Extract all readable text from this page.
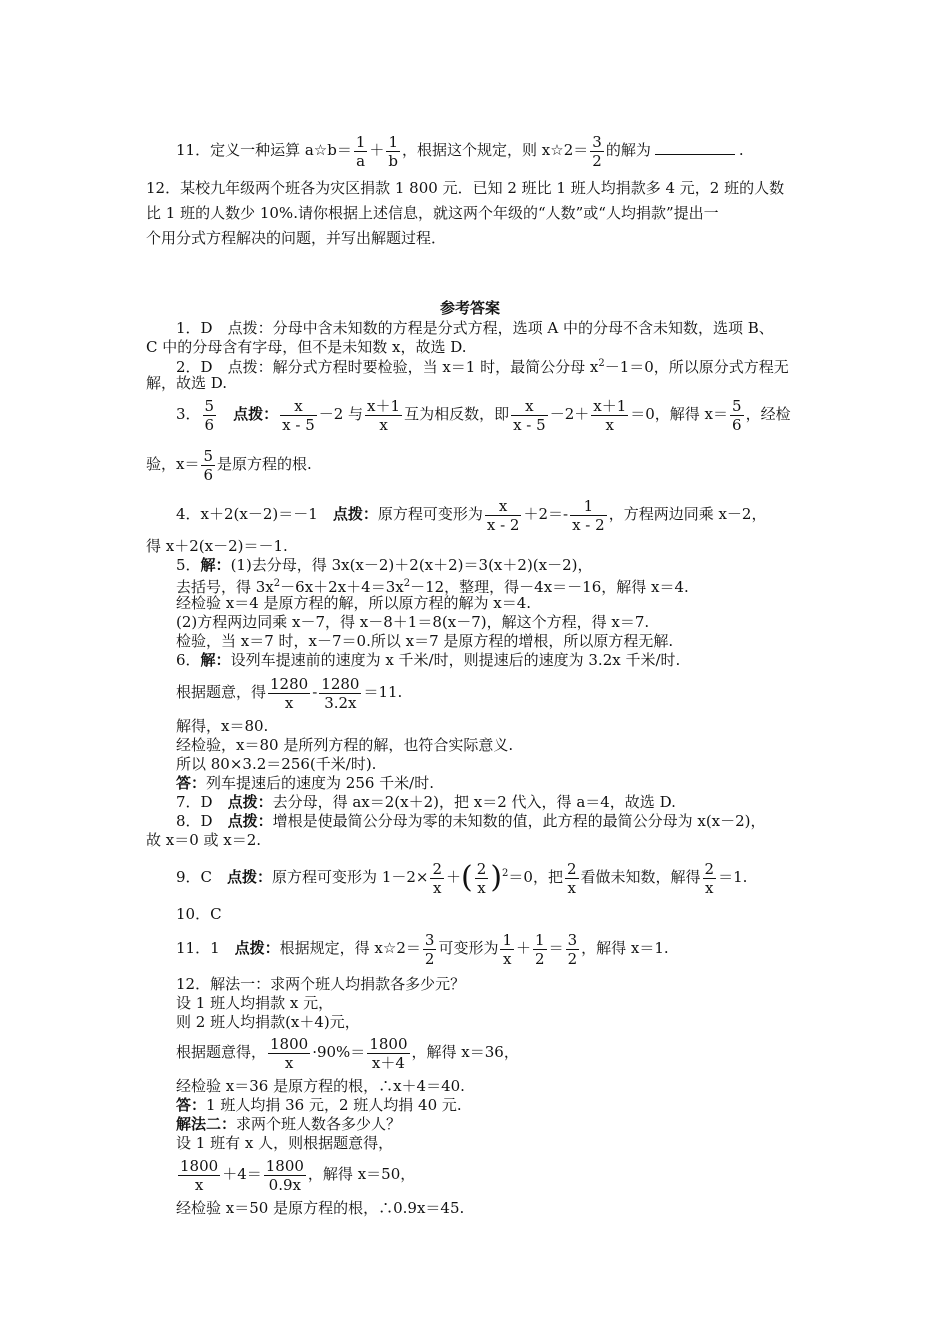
11．定义一种运算 a☆b＝ $\frac{1}{a} + \frac{1}{b}$ ，根据这个规定，则 x☆2＝ $\frac{3}{2}$ 的解为	.
12．某校九年级两个班各为灾区捐款 1 800 元．已知 2 班比 1 班人均捐款多 4 元，2 班的人数
比 1 班的人数少 10%.请你根据上述信息，就这两个年级的“人数”或“人均捐款”提出一
个用分式方程解决的问题，并写出解题过程．
参考答案
1．D　点拨：分母中含未知数的方程是分式方程，选项 A 中的分母不含未知数，选项 B、
C 中的分母含有字母，但不是未知数 x，故选 D.
2．D　点拨：解分式方程时要检验，当 x＝1 时，最简公分母 $x^2-1=0$，所以原分式方程无
解，故选 D.
3． $\frac{5}{6}$
　 点拨： $\frac{x}{x - 5} -2$ 与 $\frac{x+1}{x}$ 互为相反数，即 $\frac{x}{x - 5} -2+ \frac{x+1}{x} =0$，解得 $x= \frac{5}{6}$ ，经检
验，$x= \frac{5}{6}$ 是原方程的根.
4．x＋2(x－2)＝－1　点拨：原方程可变形为 $\frac{x}{x - 2} +2=- \frac{1}{x - 2}$ ，方程两边同乘 x－2，
得 x＋2(x－2)＝－1.
5．解：(1)去分母，得 3x(x－2)＋2(x＋2)＝3(x＋2)(x－2)，
去括号，得 $3x^2-6x+2x+4=3x^2-12$，整理，得－4x＝－16，解得 x＝4.
经检验 x＝4 是原方程的解，所以原方程的解为 x＝4.
(2)方程两边同乘 x－7，得 x－8＋1＝8(x－7)，解这个方程，得 x＝7.
检验，当 x＝7 时，x－7＝0.所以 x＝7 是原方程的增根，所以原方程无解.
6．解：设列车提速前的速度为 x 千米/时，则提速后的速度为 3.2x 千米/时.
根据题意，得 $\frac{1280}{x} - \frac{1280}{3.2x} =11$.
解得，x＝80.
经检验，x＝80 是所列方程的解，也符合实际意义.
所以 80×3.2＝256(千米/时).
答：列车提速后的速度为 256 千米/时.
7．D　点拨：去分母，得 ax＝2(x＋2)，把 x＝2 代入，得 a＝4，故选 D.
8．D　点拨：增根是使最简公分母为零的未知数的值，此方程的最简公分母为 x(x－2)，
故 x＝0 或 x＝2.
9．C　点拨：原方程可变形为 $1-2\times \frac{2}{x}$ ＋( $\frac{2}{x} )^2=0$，把 $\frac{2}{x}$ 看做未知数，解得 $\frac{2}{x} =1$.
10．C
11．1　点拨：根据规定，得 x☆2＝ $\frac{3}{2}$ 可变形为 $\frac{1}{x} + \frac{1}{2} = \frac{3}{2}$ ，解得 x＝1.
12．解法一：求两个班人均捐款各多少元？
设 1 班人均捐款 x 元，
则 2 班人均捐款(x＋4)元，
根据题意得， $\frac{1800}{x} \cdot 90\%= \frac{1800}{x+4}$ ，解得 x＝36，
经检验 x＝36 是原方程的根，∴x＋4＝40.
答：1 班人均捐 36 元，2 班人均捐 40 元.
解法二：求两个班人数各多少人？
设 1 班有 x 人，则根据题意得，
$\frac{1800}{x} +4= \frac{1800}{0.9x}$ ，解得 x＝50，
经检验 x＝50 是原方程的根，∴0.9x＝45.
